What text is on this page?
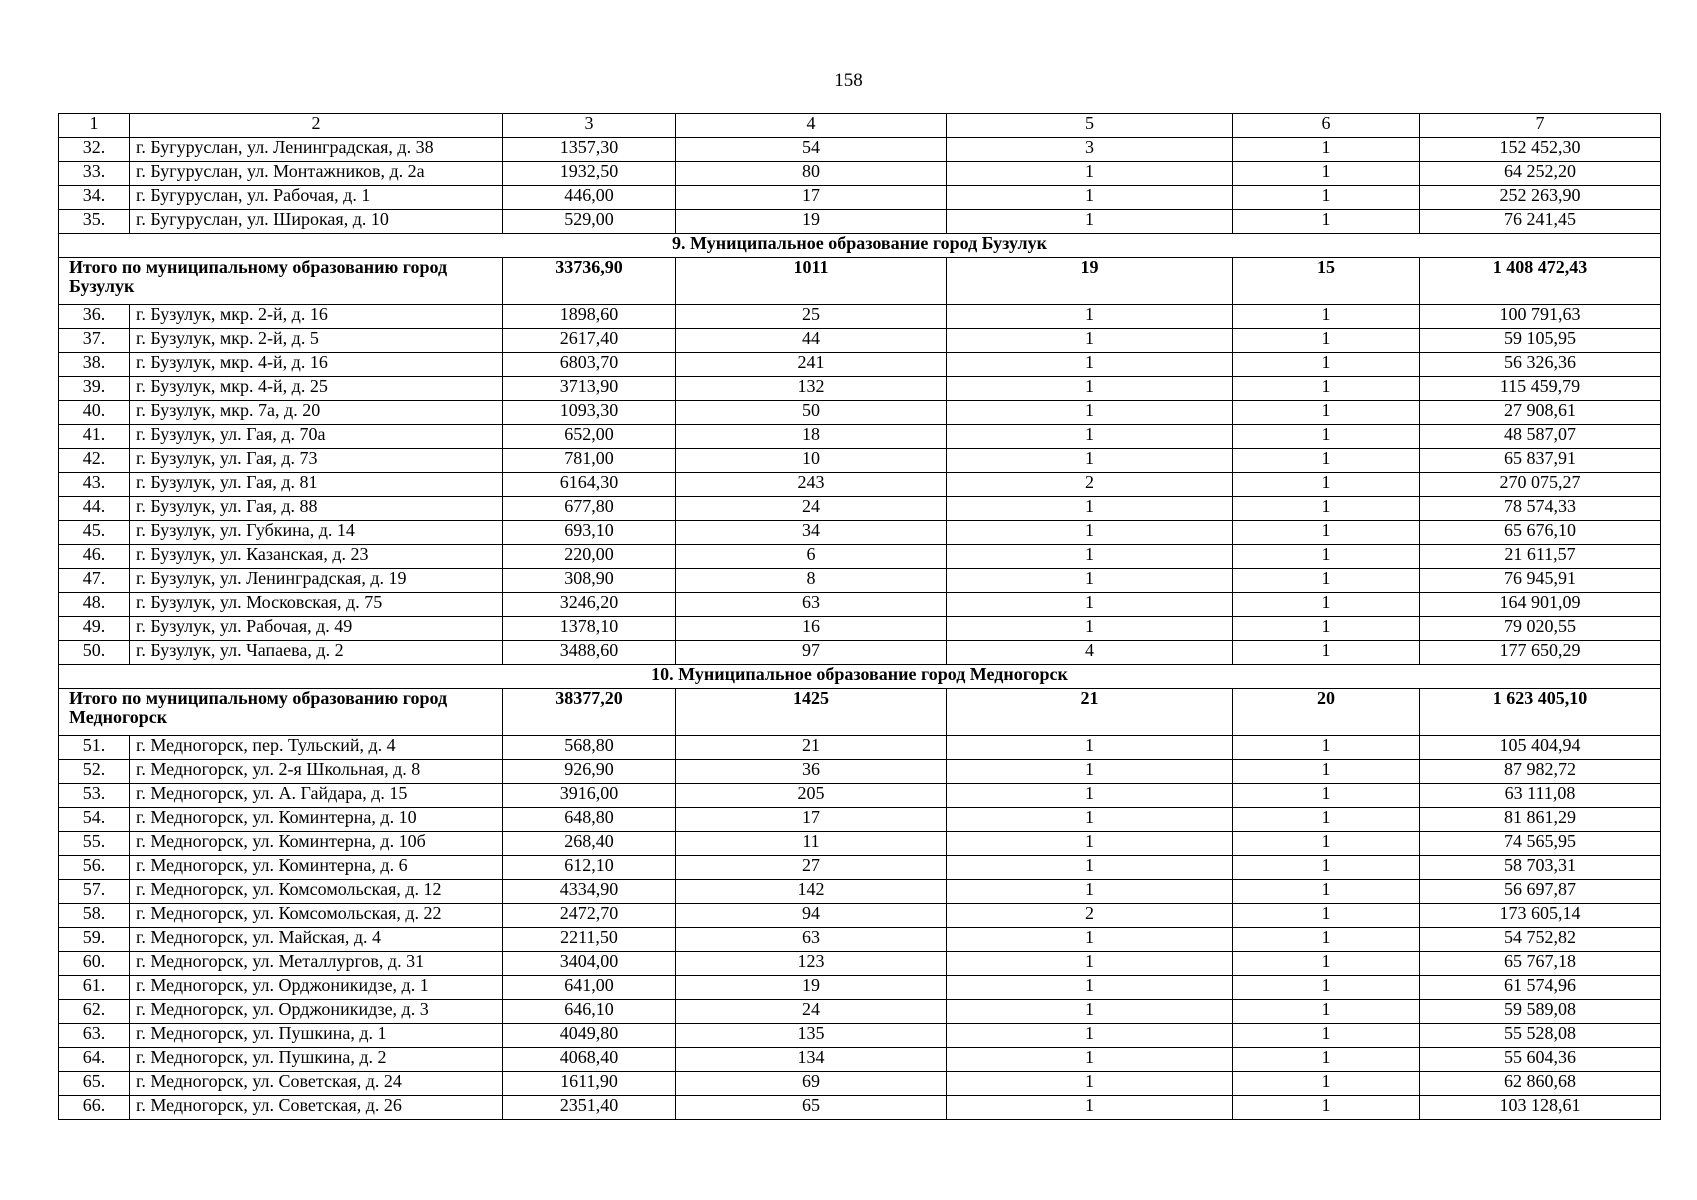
158
1	2	3	4	5	6	7
32.	г. Бугуруслан, ул. Ленинградская, д. 38	1357,30	54	3	1	152 452,30
33.	г. Бугуруслан, ул. Монтажников, д. 2а	1932,50	80	1	1	64 252,20
34.	г. Бугуруслан, ул. Рабочая, д. 1	446,00	17	1	1	252 263,90
35.	г. Бугуруслан, ул. Широкая, д. 10	529,00	19	1	1	76 241,45
9. Муниципальное образование город Бузулук						
Итого по муниципальному образованию город Бузулук		33736,90	1011	19	15	1 408 472,43
36.	г. Бузулук, мкр. 2-й, д. 16	1898,60	25	1	1	100 791,63
37.	г. Бузулук, мкр. 2-й, д. 5	2617,40	44	1	1	59 105,95
38.	г. Бузулук, мкр. 4-й, д. 16	6803,70	241	1	1	56 326,36
39.	г. Бузулук, мкр. 4-й, д. 25	3713,90	132	1	1	115 459,79
40.	г. Бузулук, мкр. 7а, д. 20	1093,30	50	1	1	27 908,61
41.	г. Бузулук, ул. Гая, д. 70а	652,00	18	1	1	48 587,07
42.	г. Бузулук, ул. Гая, д. 73	781,00	10	1	1	65 837,91
43.	г. Бузулук, ул. Гая, д. 81	6164,30	243	2	1	270 075,27
44.	г. Бузулук, ул. Гая, д. 88	677,80	24	1	1	78 574,33
45.	г. Бузулук, ул. Губкина, д. 14	693,10	34	1	1	65 676,10
46.	г. Бузулук, ул. Казанская, д. 23	220,00	6	1	1	21 611,57
47.	г. Бузулук, ул. Ленинградская, д. 19	308,90	8	1	1	76 945,91
48.	г. Бузулук, ул. Московская, д. 75	3246,20	63	1	1	164 901,09
49.	г. Бузулук, ул. Рабочая, д. 49	1378,10	16	1	1	79 020,55
50.	г. Бузулук, ул. Чапаева, д. 2	3488,60	97	4	1	177 650,29
10. Муниципальное образование город Медногорск						
Итого по муниципальному образованию город Медногорск		38377,20	1425	21	20	1 623 405,10
51.	г. Медногорск, пер. Тульский, д. 4	568,80	21	1	1	105 404,94
52.	г. Медногорск, ул. 2-я Школьная, д. 8	926,90	36	1	1	87 982,72
53.	г. Медногорск, ул. А. Гайдара, д. 15	3916,00	205	1	1	63 111,08
54.	г. Медногорск, ул. Коминтерна, д. 10	648,80	17	1	1	81 861,29
55.	г. Медногорск, ул. Коминтерна, д. 10б	268,40	11	1	1	74 565,95
56.	г. Медногорск, ул. Коминтерна, д. 6	612,10	27	1	1	58 703,31
57.	г. Медногорск, ул. Комсомольская, д. 12	4334,90	142	1	1	56 697,87
58.	г. Медногорск, ул. Комсомольская, д. 22	2472,70	94	2	1	173 605,14
59.	г. Медногорск, ул. Майская, д. 4	2211,50	63	1	1	54 752,82
60.	г. Медногорск, ул. Металлургов, д. 31	3404,00	123	1	1	65 767,18
61.	г. Медногорск, ул. Орджоникидзе, д. 1	641,00	19	1	1	61 574,96
62.	г. Медногорск, ул. Орджоникидзе, д. 3	646,10	24	1	1	59 589,08
63.	г. Медногорск, ул. Пушкина, д. 1	4049,80	135	1	1	55 528,08
64.	г. Медногорск, ул. Пушкина, д. 2	4068,40	134	1	1	55 604,36
65.	г. Медногорск, ул. Советская, д. 24	1611,90	69	1	1	62 860,68
66.	г. Медногорск, ул. Советская, д. 26	2351,40	65	1	1	103 128,61
